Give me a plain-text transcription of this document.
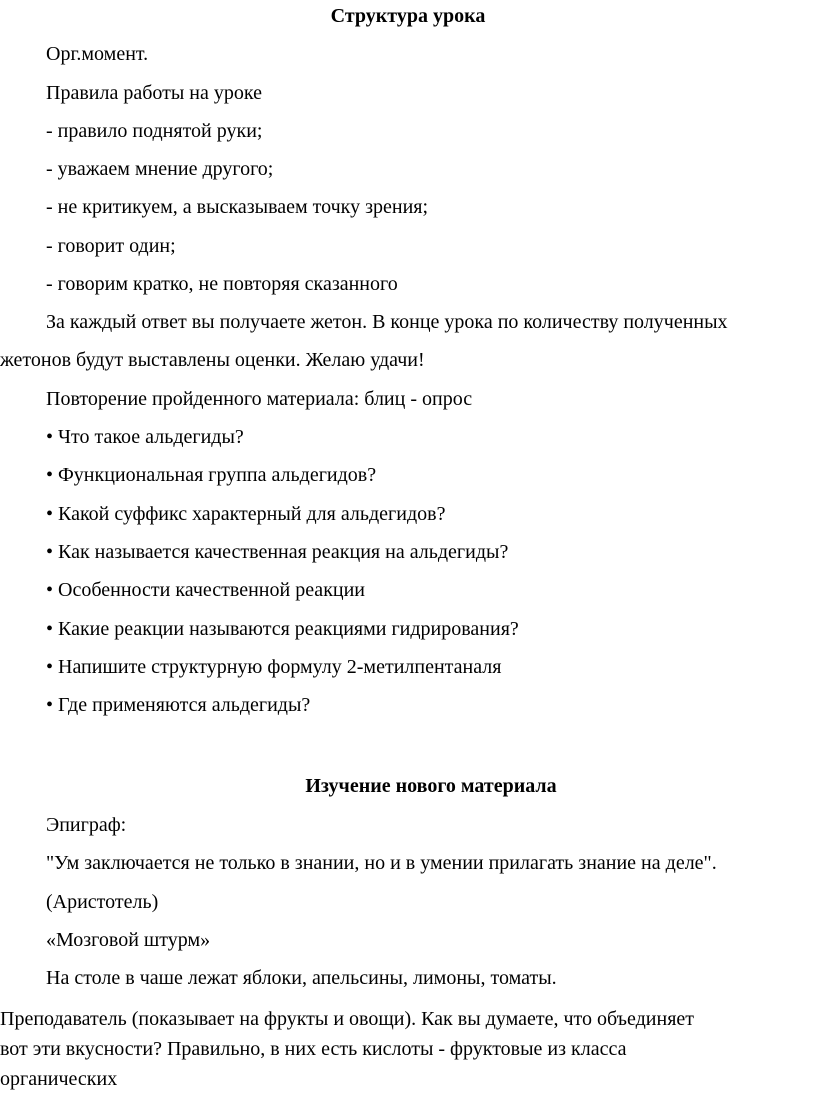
Структура урока
Орг.момент.
Правила работы на уроке
- правило поднятой руки;
- уважаем мнение другого;
- не критикуем, а высказываем точку зрения;
- говорит один;
- говорим кратко, не повторяя сказанного
За каждый ответ вы получаете жетон. В конце урока по количеству полученных
жетонов будут выставлены оценки. Желаю удачи!
Повторение пройденного материала: блиц - опрос
• Что такое альдегиды?
• Функциональная группа альдегидов?
• Какой суффикс характерный для альдегидов?
• Как называется качественная реакция на альдегиды?
• Особенности качественной реакции
• Какие реакции называются реакциями гидрирования?
• Напишите структурную формулу 2-метилпентаналя
• Где применяются альдегиды?
Изучение нового материала
Эпиграф:
"Ум заключается не только в знании, но и в умении прилагать знание на деле".
(Аристотель)
«Мозговой штурм»
На столе в чаше лежат яблоки, апельсины, лимоны, томаты.
Преподаватель (показывает на фрукты и овощи). Как вы думаете, что объединяет
вот эти вкусности? Правильно, в них есть кислоты - фруктовые из класса
органических
